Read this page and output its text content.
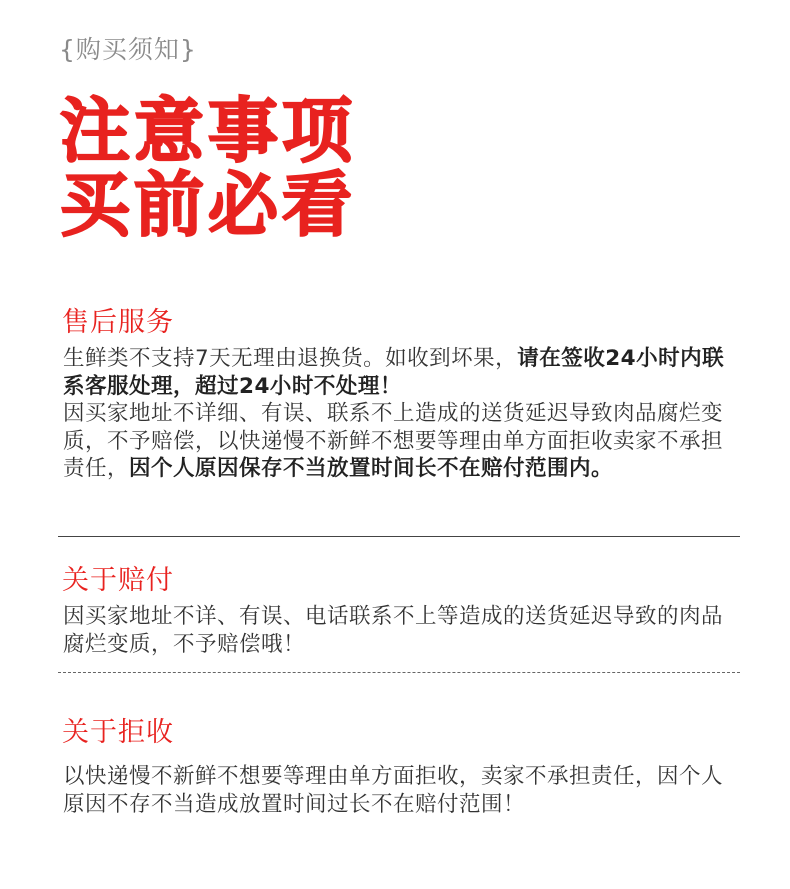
{购买须知}
注意事项
买前必看
售后服务
生鲜类不支持7天无理由退换货。如收到坏果，请在签收24小时内联系客服处理，超过24小时不处理！
因买家地址不详细、有误、联系不上造成的送货延迟导致肉品腐烂变质，不予赔偿，以快递慢不新鲜不想要等理由单方面拒收卖家不承担责任，因个人原因保存不当放置时间长不在赔付范围内。
关于赔付
因买家地址不详、有误、电话联系不上等造成的送货延迟导致的肉品腐烂变质，不予赔偿哦！
关于拒收
以快递慢不新鲜不想要等理由单方面拒收，卖家不承担责任，因个人原因不存不当造成放置时间过长不在赔付范围！
